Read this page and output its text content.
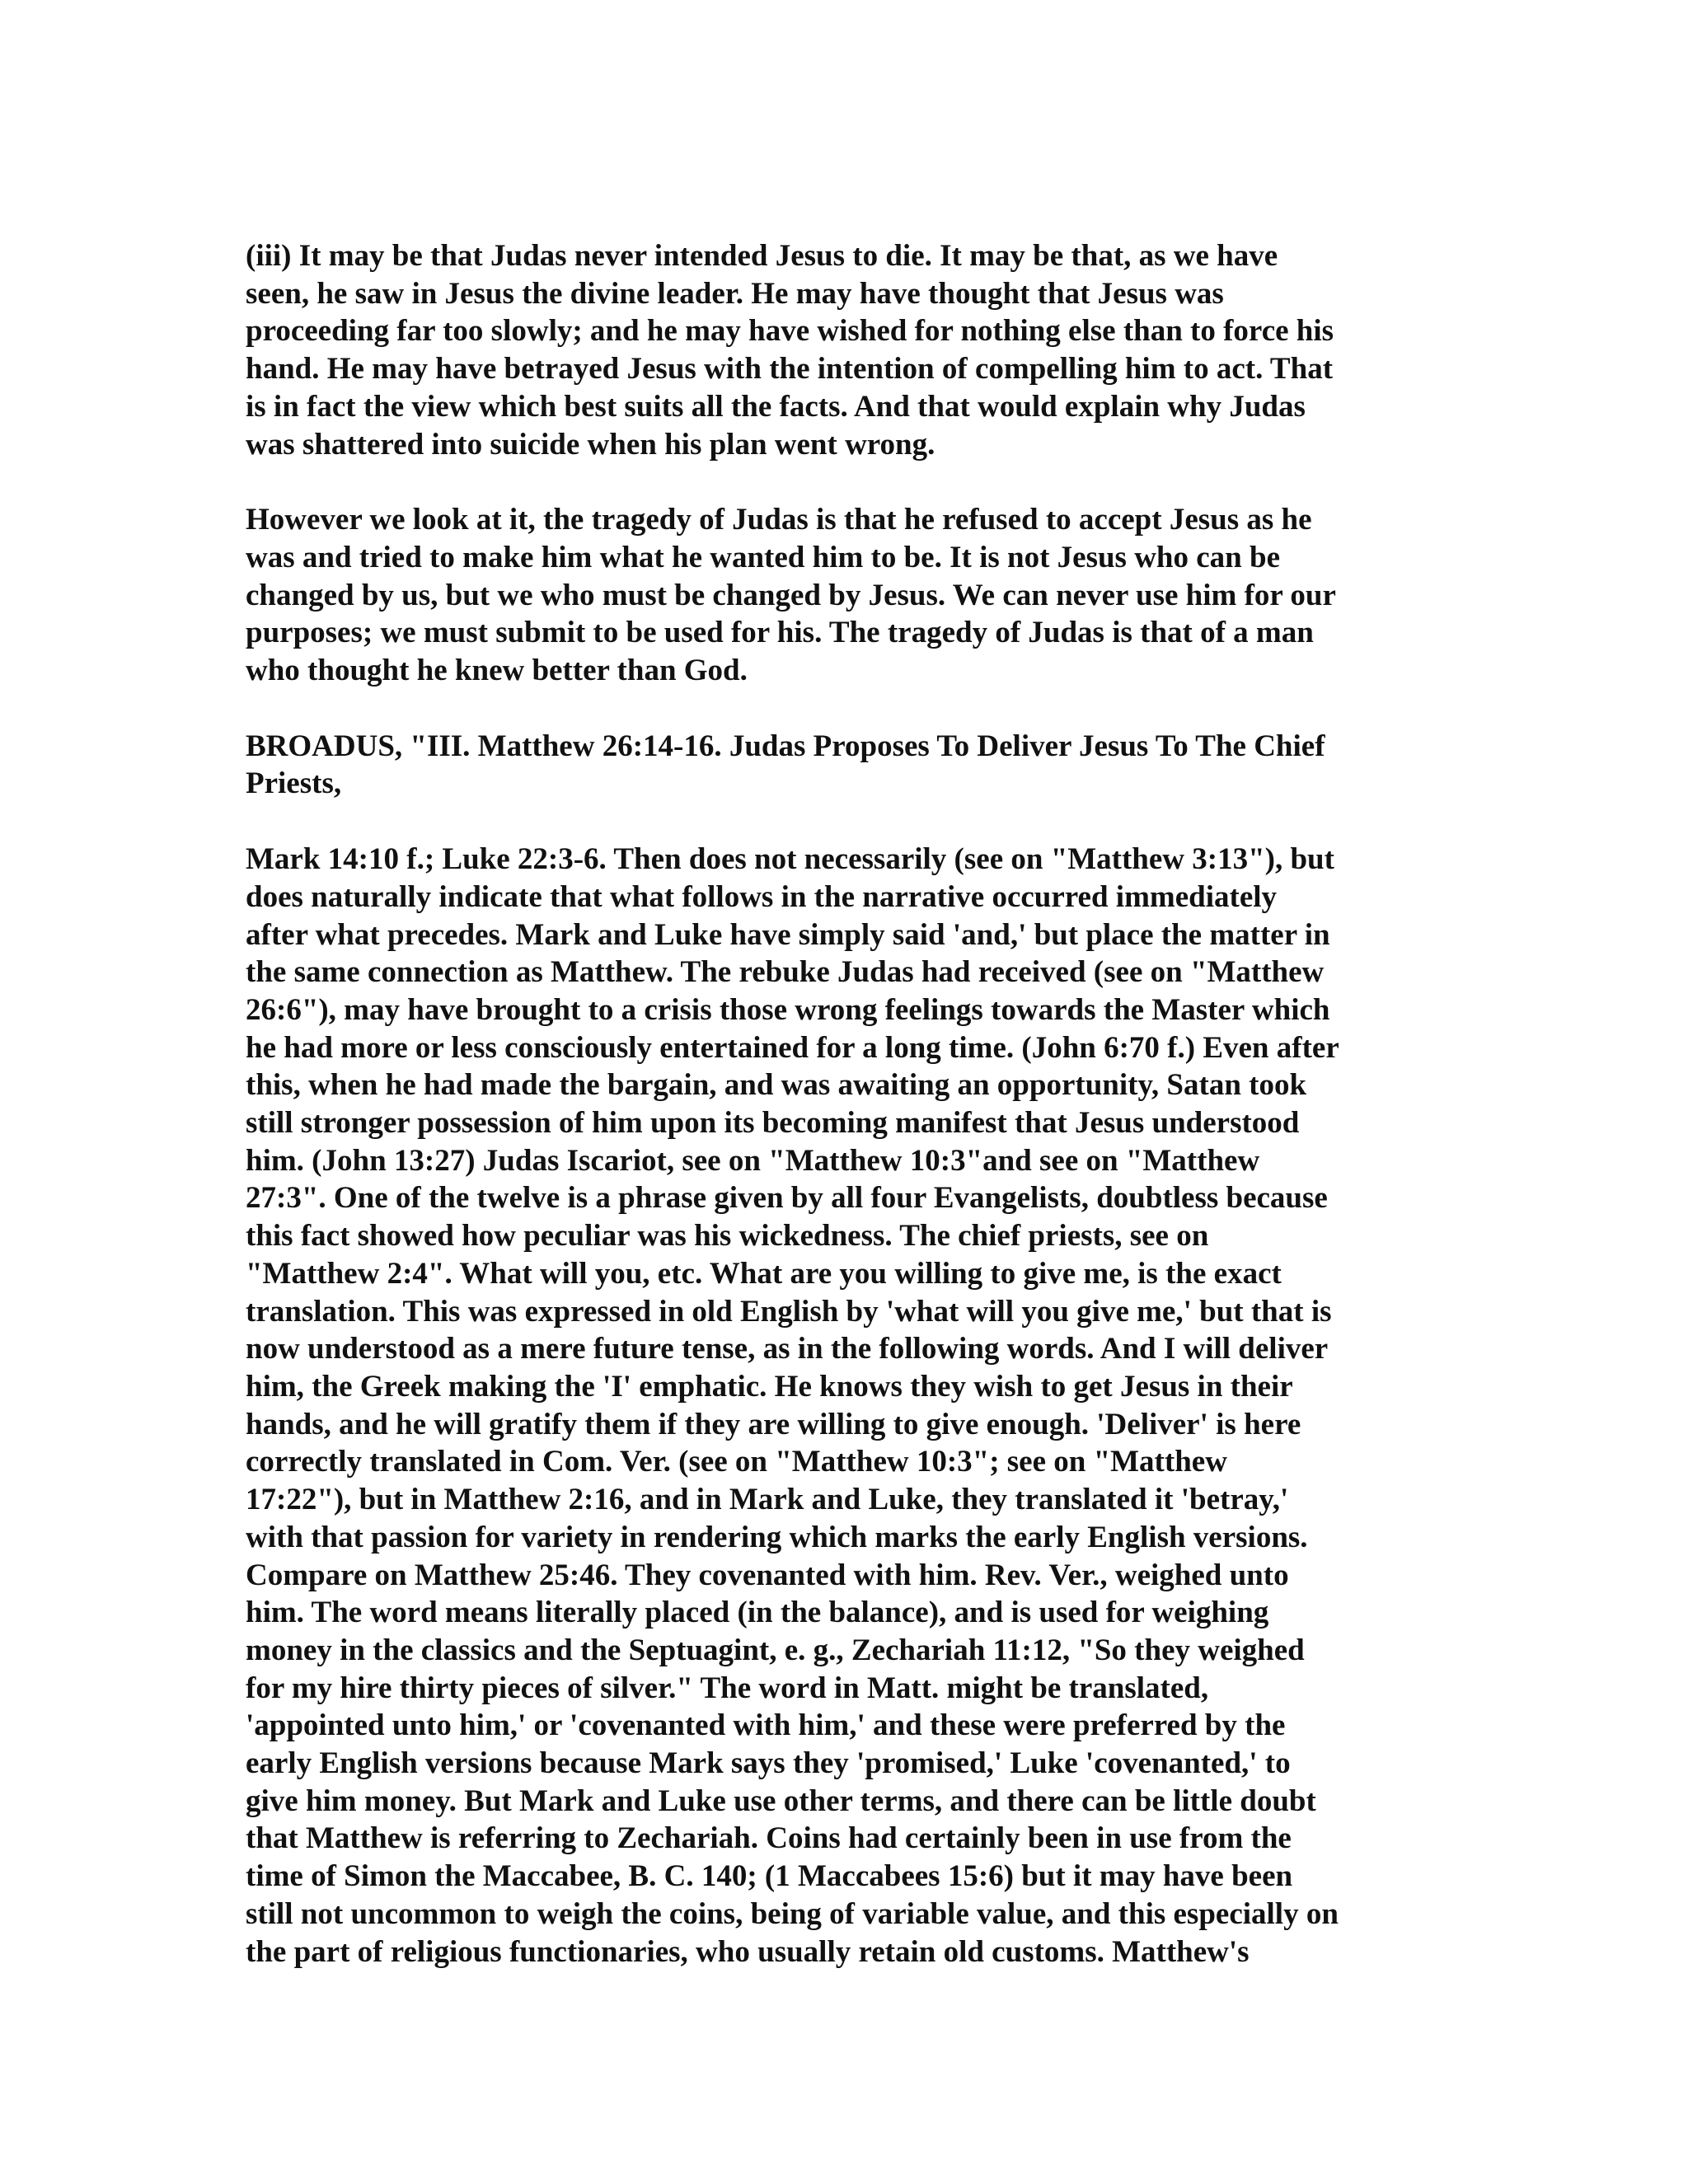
(iii) It may be that Judas never intended Jesus to die. It may be that, as we have
seen, he saw in Jesus the divine leader. He may have thought that Jesus was
proceeding far too slowly; and he may have wished for nothing else than to force his
hand. He may have betrayed Jesus with the intention of compelling him to act. That
is in fact the view which best suits all the facts. And that would explain why Judas
was shattered into suicide when his plan went wrong.
However we look at it, the tragedy of Judas is that he refused to accept Jesus as he
was and tried to make him what he wanted him to be. It is not Jesus who can be
changed by us, but we who must be changed by Jesus. We can never use him for our
purposes; we must submit to be used for his. The tragedy of Judas is that of a man
who thought he knew better than God.
BROADUS, "III. Matthew 26:14-16. Judas Proposes To Deliver Jesus To The Chief
Priests,
Mark 14:10 f.; Luke 22:3-6. Then does not necessarily (see on "Matthew 3:13"), but
does naturally indicate that what follows in the narrative occurred immediately
after what precedes. Mark and Luke have simply said 'and,' but place the matter in
the same connection as Matthew. The rebuke Judas had received (see on "Matthew
26:6"), may have brought to a crisis those wrong feelings towards the Master which
he had more or less consciously entertained for a long time. (John 6:70 f.) Even after
this, when he had made the bargain, and was awaiting an opportunity, Satan took
still stronger possession of him upon its becoming manifest that Jesus understood
him. (John 13:27) Judas Iscariot, see on "Matthew 10:3"and see on "Matthew
27:3". One of the twelve is a phrase given by all four Evangelists, doubtless because
this fact showed how peculiar was his wickedness. The chief priests, see on
"Matthew 2:4". What will you, etc. What are you willing to give me, is the exact
translation. This was expressed in old English by 'what will you give me,' but that is
now understood as a mere future tense, as in the following words. And I will deliver
him, the Greek making the 'I' emphatic. He knows they wish to get Jesus in their
hands, and he will gratify them if they are willing to give enough. 'Deliver' is here
correctly translated in Com. Ver. (see on "Matthew 10:3"; see on "Matthew
17:22"), but in Matthew 2:16, and in Mark and Luke, they translated it 'betray,'
with that passion for variety in rendering which marks the early English versions.
Compare on Matthew 25:46. They covenanted with him. Rev. Ver., weighed unto
him. The word means literally placed (in the balance), and is used for weighing
money in the classics and the Septuagint, e. g., Zechariah 11:12, "So they weighed
for my hire thirty pieces of silver." The word in Matt. might be translated,
'appointed unto him,' or 'covenanted with him,' and these were preferred by the
early English versions because Mark says they 'promised,' Luke 'covenanted,' to
give him money. But Mark and Luke use other terms, and there can be little doubt
that Matthew is referring to Zechariah. Coins had certainly been in use from the
time of Simon the Maccabee, B. C. 140; (1 Maccabees 15:6) but it may have been
still not uncommon to weigh the coins, being of variable value, and this especially on
the part of religious functionaries, who usually retain old customs. Matthew's
